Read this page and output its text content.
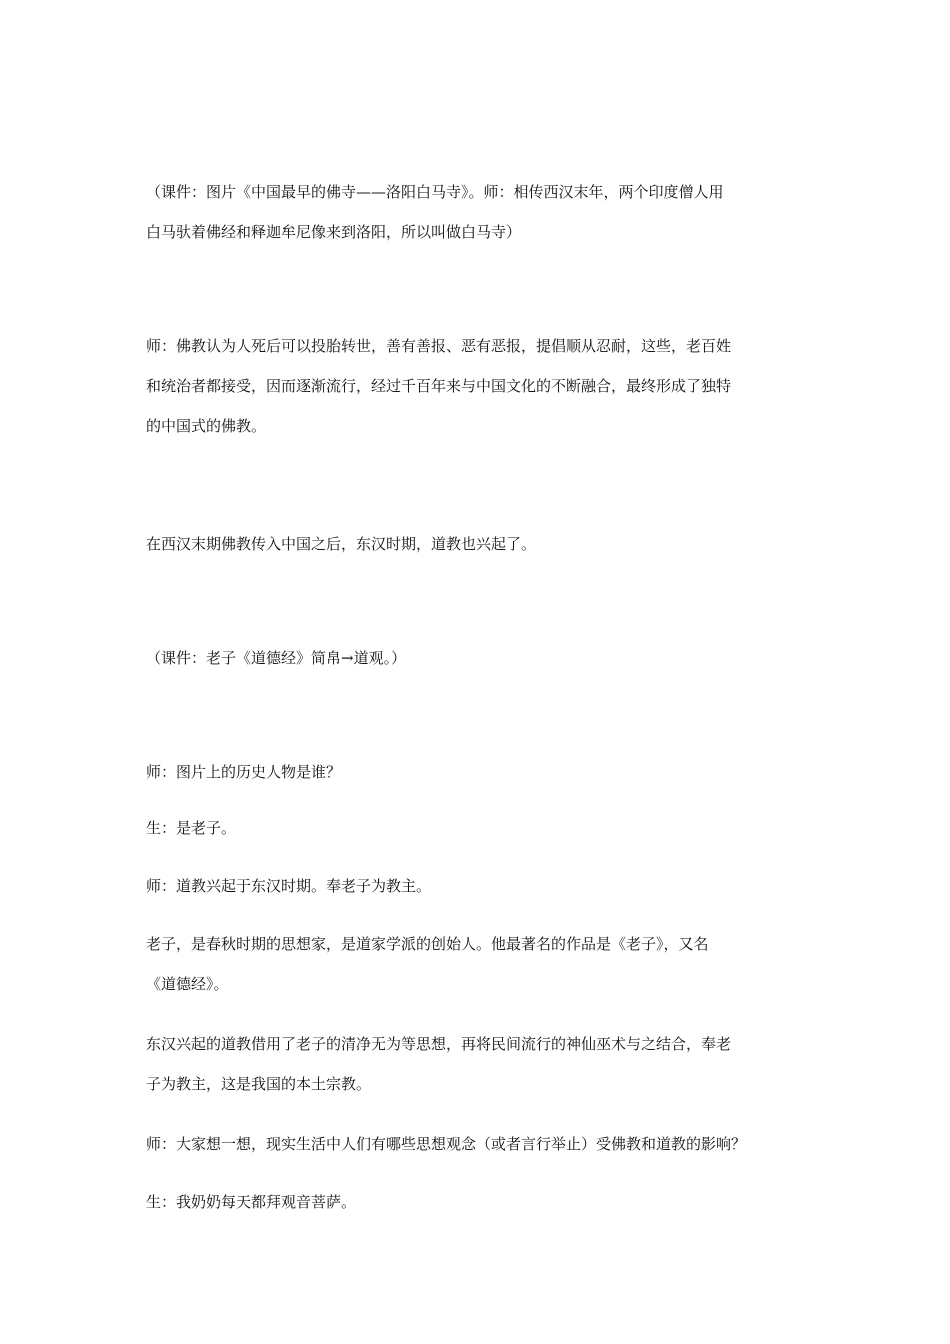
（课件：图片《中国最早的佛寺——洛阳白马寺》。师：相传西汉末年，两个印度僧人用
白马驮着佛经和释迦牟尼像来到洛阳，所以叫做白马寺）
师：佛教认为人死后可以投胎转世，善有善报、恶有恶报，提倡顺从忍耐，这些，老百姓
和统治者都接受，因而逐渐流行，经过千百年来与中国文化的不断融合，最终形成了独特
的中国式的佛教。
在西汉末期佛教传入中国之后，东汉时期，道教也兴起了。
（课件：老子《道德经》简帛→道观。）
师：图片上的历史人物是谁？
生：是老子。
师：道教兴起于东汉时期。奉老子为教主。
老子，是春秋时期的思想家，是道家学派的创始人。他最著名的作品是《老子》，又名
《道德经》。
东汉兴起的道教借用了老子的清净无为等思想，再将民间流行的神仙巫术与之结合，奉老
子为教主，这是我国的本土宗教。
师：大家想一想，现实生活中人们有哪些思想观念（或者言行举止）受佛教和道教的影响？
生：我奶奶每天都拜观音菩萨。
